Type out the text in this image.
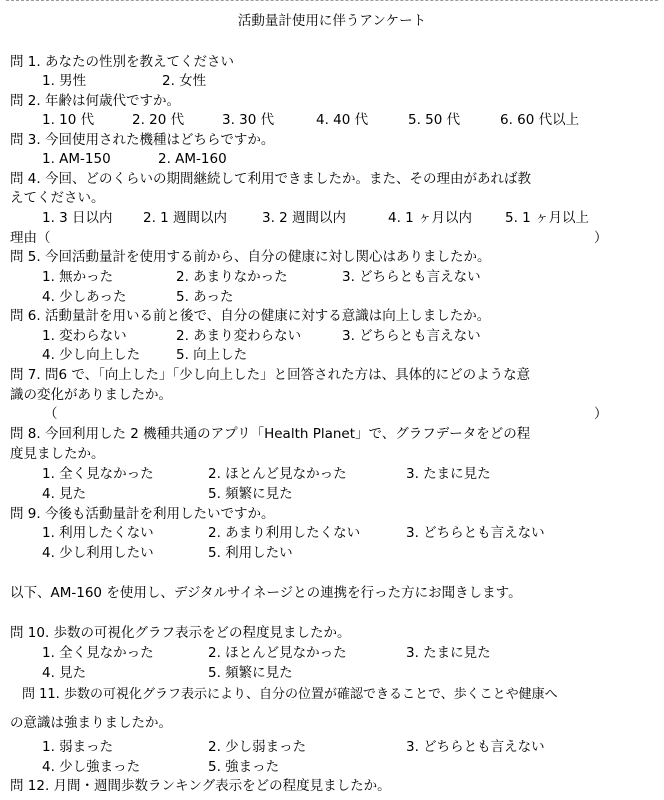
活動量計使用に伴うアンケート
問 1. あなたの性別を教えてください
1. 男性	2. 女性
問 2. 年齢は何歳代ですか。
1. 10 代	2. 20 代	3. 30 代	4. 40 代	5. 50 代	6. 60 代以上
問 3. 今回使用された機種はどちらですか。
1. AM-150	2. AM-160
問 4. 今回、どのくらいの期間継続して利用できましたか。また、その理由があれば教
えてください。
1. 3 日以内 2. 1 週間以内	3. 2 週間以内	4. 1 ヶ月以内 5. 1 ヶ月以上
理由（	）
問 5. 今回活動量計を使用する前から、自分の健康に対し関心はありましたか。
1. 無かった	2. あまりなかった	3. どちらとも言えない
4. 少しあった	5. あった
問 6. 活動量計を用いる前と後で、自分の健康に対する意識は向上しましたか。
1. 変わらない	2. あまり変わらない	3. どちらとも言えない
4. 少し向上した	5. 向上した
問 7. 問6 で、「向上した」「少し向上した」と回答された方は、具体的にどのような意
識の変化がありましたか。
（	）
問 8. 今回利用した 2 機種共通のアプリ「Health Planet」で、グラフデータをどの程
度見ましたか。
1. 全く見なかった	2. ほとんど見なかった	3. たまに見た
4. 見た	5. 頻繁に見た
問 9. 今後も活動量計を利用したいですか。
1. 利用したくない	2. あまり利用したくない	3. どちらとも言えない
4. 少し利用したい	5. 利用したい
以下、AM-160 を使用し、デジタルサイネージとの連携を行った方にお聞きします。
問 10. 歩数の可視化グラフ表示をどの程度見ましたか。
1. 全く見なかった	2. ほとんど見なかった	3. たまに見た
4. 見た	5. 頻繁に見た
問 11. 歩数の可視化グラフ表示により、自分の位置が確認できることで、歩くことや健康へ
の意識は強まりましたか。
1. 弱まった	2. 少し弱まった	3. どちらとも言えない
4. 少し強まった	5. 強まった
問 12. 月間・週間歩数ランキング表示をどの程度見ましたか。
